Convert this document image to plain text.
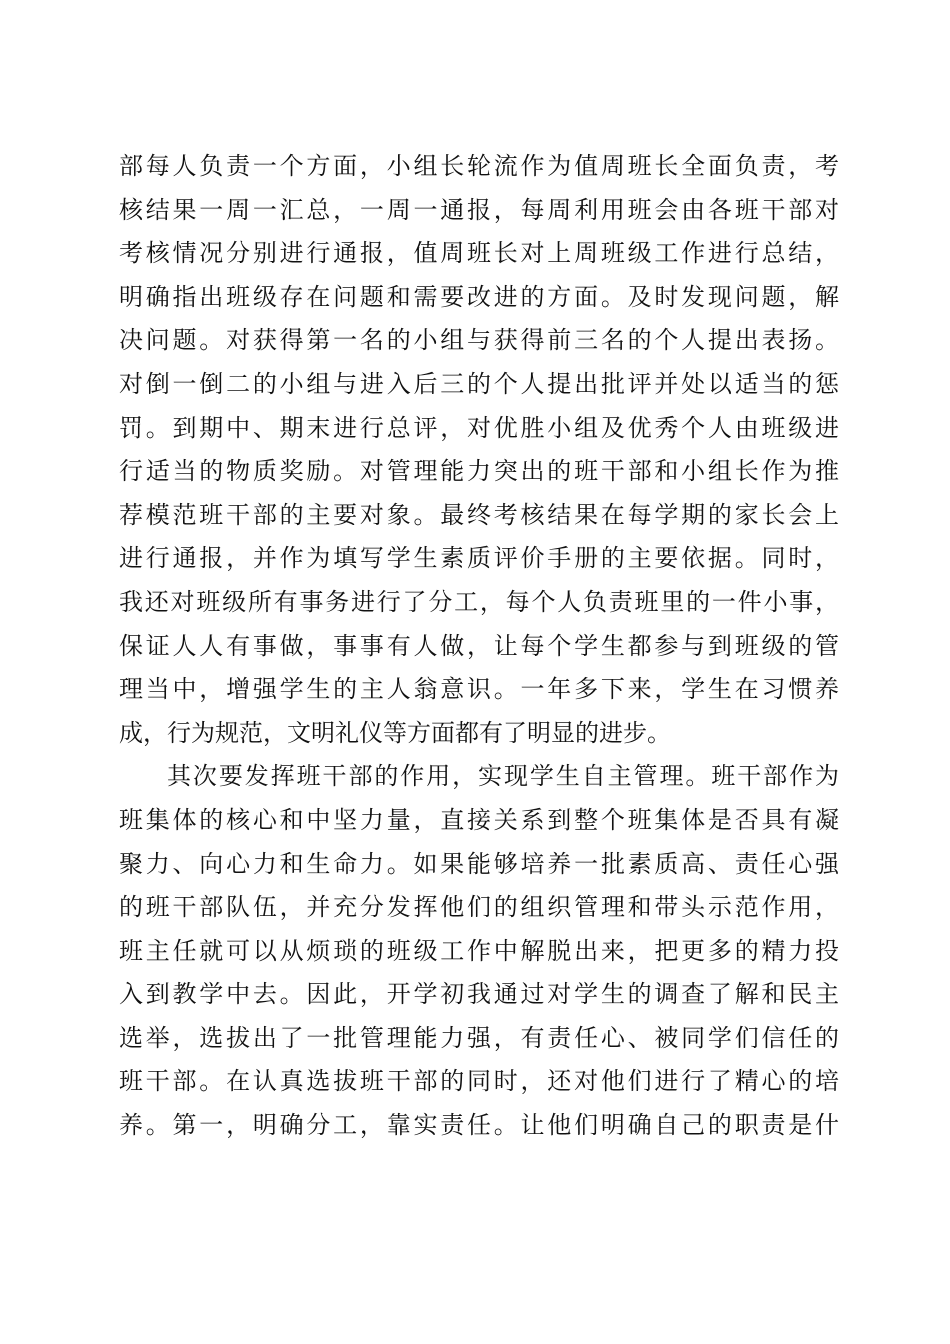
部每人负责一个方面，小组长轮流作为值周班长全面负责，考
核结果一周一汇总，一周一通报，每周利用班会由各班干部对
考核情况分别进行通报，值周班长对上周班级工作进行总结，
明确指出班级存在问题和需要改进的方面。及时发现问题，解
决问题。对获得第一名的小组与获得前三名的个人提出表扬。
对倒一倒二的小组与进入后三的个人提出批评并处以适当的惩
罚。到期中、期末进行总评，对优胜小组及优秀个人由班级进
行适当的物质奖励。对管理能力突出的班干部和小组长作为推
荐模范班干部的主要对象。最终考核结果在每学期的家长会上
进行通报，并作为填写学生素质评价手册的主要依据。同时，
我还对班级所有事务进行了分工，每个人负责班里的一件小事，
保证人人有事做，事事有人做，让每个学生都参与到班级的管
理当中，增强学生的主人翁意识。一年多下来，学生在习惯养
成，行为规范，文明礼仪等方面都有了明显的进步。
其次要发挥班干部的作用，实现学生自主管理。班干部作为
班集体的核心和中坚力量，直接关系到整个班集体是否具有凝
聚力、向心力和生命力。如果能够培养一批素质高、责任心强
的班干部队伍，并充分发挥他们的组织管理和带头示范作用，
班主任就可以从烦琐的班级工作中解脱出来，把更多的精力投
入到教学中去。因此，开学初我通过对学生的调查了解和民主
选举，选拔出了一批管理能力强，有责任心、被同学们信任的
班干部。在认真选拔班干部的同时，还对他们进行了精心的培
养。第一，明确分工，靠实责任。让他们明确自己的职责是什
